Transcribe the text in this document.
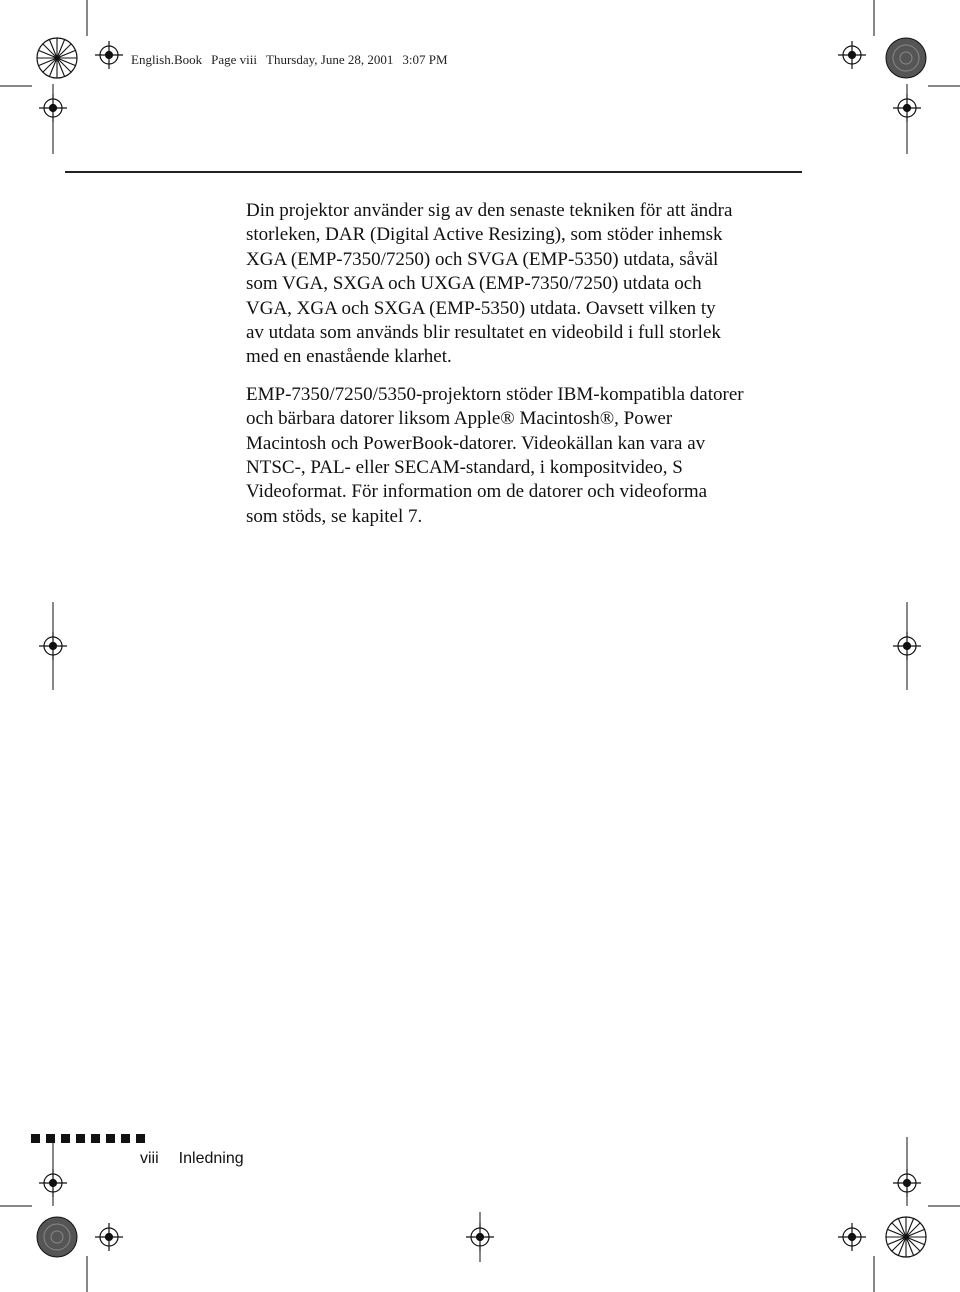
English.Book Page viii Thursday, June 28, 2001 3:07 PM

Din projektor använder sig av den senaste tekniken för att ändra
storleken, DAR (Digital Active Resizing), som stöder inhemsk
XGA (EMP-7350/7250) och SVGA (EMP-5350) utdata, såväl
som VGA, SXGA och UXGA (EMP-7350/7250) utdata och
VGA, XGA och SXGA (EMP-5350) utdata. Oavsett vilken ty
av utdata som används blir resultatet en videobild i full storlek
med en enastående klarhet.

EMP-7350/7250/5350-projektorn stöder IBM-kompatibla datorer
och bärbara datorer liksom Apple® Macintosh®, Power
Macintosh och PowerBook-datorer. Videokällan kan vara av
NTSC-, PAL- eller SECAM-standard, i kompositvideo, S
Videoformat. För information om de datorer och videoforma
som stöds, se kapitel 7.

viii Inledning
